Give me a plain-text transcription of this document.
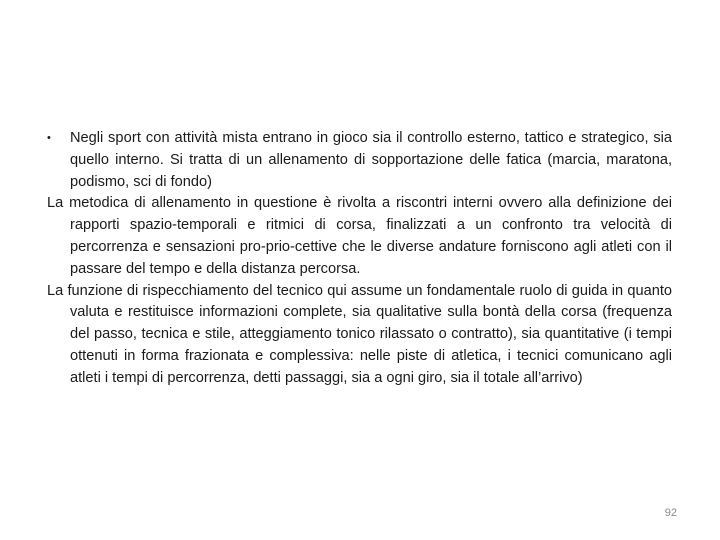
• Negli sport con attività mista entrano in gioco sia il controllo esterno, tattico e strategico, sia quello interno. Si tratta di un allenamento di sopportazione delle fatica (marcia, maratona, podismo, sci di fondo)

La metodica di allenamento in questione è rivolta a riscontri interni ovvero alla definizione dei rapporti spazio-temporali e ritmici di corsa, finalizzati a un confronto tra velocità di percorrenza e sensazioni pro-prio-cettive che le diverse andature forniscono agli atleti con il passare del tempo e della distanza percorsa.

La funzione di rispecchiamento del tecnico qui assume un fondamentale ruolo di guida in quanto valuta e restituisce informazioni complete, sia qualitative sulla bontà della corsa (frequenza del passo, tecnica e stile, atteggiamento tonico rilassato o contratto), sia quantitative (i tempi ottenuti in forma frazionata e complessiva: nelle piste di atletica, i tecnici comunicano agli atleti i tempi di percorrenza, detti passaggi, sia a ogni giro, sia il totale all’arrivo)

92
